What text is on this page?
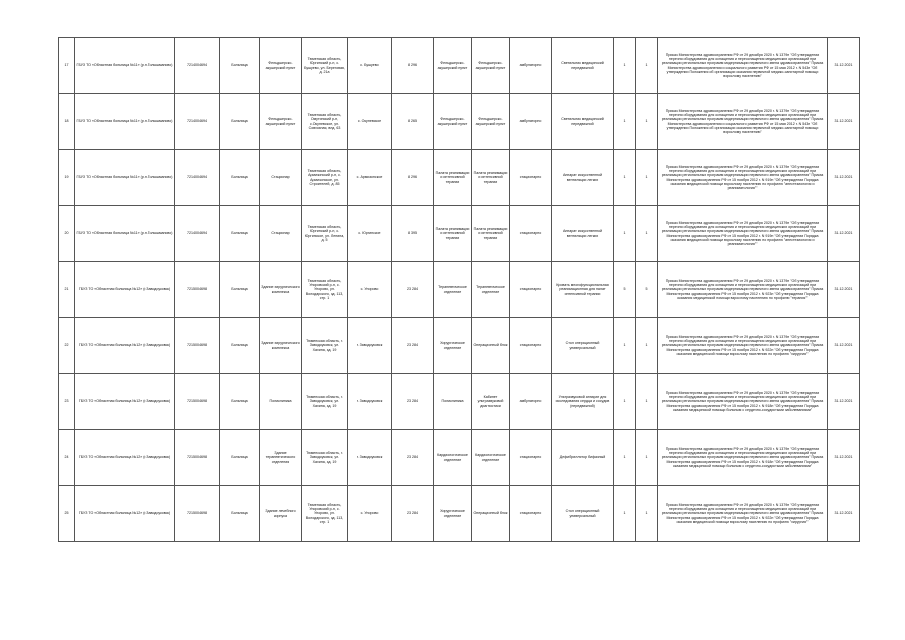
17	ГБУЗ ТО «Областная больница №11» (р.п.Голышманово)	7214004694	Больница	Фельдшерско-акушерский пункт	Тюменская область, Юргинский р-н, с. Бушуево, ул. Береговая, д. 21а	с. Бушуево	8 296	Фельдшерско-акушерский пункт	Фельдшерско-акушерский пункт	амбулаторно	Светильник медицинский передвижной	1	1	Приказ Министерства здравоохранения РФ от 29 декабря 2020 г. N 1379н "Об утверждении перечня оборудования для оснащения и переоснащения медицинских организаций при реализации региональных программ модернизации первичного звена здравоохранения" Приказ Министерства здравоохранения и социального развития РФ от 15 мая 2012 г. N 543н "Об утверждении Положения об организации оказания первичной медико-санитарной помощи взрослому населению"	31.12.2021
18	ГБУЗ ТО «Областная больница №11» (р.п.Голышманово)	7214004694	Больница	Фельдшерско-акушерский пункт	Тюменская область, Омутинский р-н, с.Окуневское, ул. Совхозная, влд. 63	с. Окуневское	8 265	Фельдшерско-акушерский пункт	Фельдшерско-акушерский пункт	амбулаторно	Светильник медицинский передвижной	1	1	Приказ Министерства здравоохранения РФ от 29 декабря 2020 г. N 1379н "Об утверждении перечня оборудования для оснащения и переоснащения медицинских организаций при реализации региональных программ модернизации первичного звена здравоохранения" Приказ Министерства здравоохранения и социального развития РФ от 15 мая 2012 г. N 543н "Об утверждении Положения об организации оказания первичной медико-санитарной помощи взрослому населению"	31.12.2021
19	ГБУЗ ТО «Областная больница №11» (р.п.Голышманово)	7214004694	Больница	Стационар	Тюменская область, Армизонский р-н, с. Армизонское, ул. Строителей, д. 85	с. Армизонское	8 296	Палата реанимации и интенсивной терапии	Палата реанимации и интенсивной терапии	стационарно	Аппарат искусственной вентиляции легких	1	1	Приказ Министерства здравоохранения РФ от 29 декабря 2020 г. N 1379н "Об утверждении перечня оборудования для оснащения и переоснащения медицинских организаций при реализации региональных программ модернизации первичного звена здравоохранения" Приказ Министерства здравоохранения РФ от 15 ноября 2012 г. N 919н "Об утверждении Порядка оказания медицинской помощи взрослому населению по профилю "анестезиология и реаниматология""	31.12.2021
20	ГБУЗ ТО «Областная больница №11» (р.п.Голышманово)	7214004694	Больница	Стационар	Тюменская область, Юргинский р-н, с. Юргинское, ул. Ленина, д. 5	с. Юргинское	8 395	Палата реанимации и интенсивной терапии	Палата реанимации и интенсивной терапии	стационарно	Аппарат искусственной вентиляции легких	1	1	Приказ Министерства здравоохранения РФ от 29 декабря 2020 г. N 1379н "Об утверждении перечня оборудования для оснащения и переоснащения медицинских организаций при реализации региональных программ модернизации первичного звена здравоохранения" Приказ Министерства здравоохранения РФ от 15 ноября 2012 г. N 919н "Об утверждении Порядка оказания медицинской помощи взрослому населению по профилю "анестезиология и реаниматология""	31.12.2021
21	ГБУЗ ТО «Областная больница №12» (г.Заводоуковск)	7215004698	Больница	Здание хирургического комплекса	Тюменская область, Упоровский р-н, с. Упорово, ул. Володарского, зд. 113, стр. 1	с. Упорово	23 284	Терапевтическое отделение	Терапевтическое отделение	стационарно	Кровать многофункциональная реанимационная для палат интенсивной терапии	5	5	Приказ Министерства здравоохранения РФ от 29 декабря 2020 г. N 1379н "Об утверждении перечня оборудования для оснащения и переоснащения медицинских организаций при реализации региональных программ модернизации первичного звена здравоохранения" Приказ Министерства здравоохранения РФ от 15 ноября 2012 г. N 923н "Об утверждении Порядка оказания медицинской помощи взрослому населению по профилю "терапия""	31.12.2021
22	ГБУЗ ТО «Областная больница №12» (г.Заводоуковск)	7215004698	Больница	Здание хирургического комплекса	Тюменская область, г. Заводоуковск, ул. Хахина, зд. 19	г. Заводоуковск	23 284	Хирургическое отделение	Операционный блок	стационарно	Стол операционный универсальный	1	1	Приказ Министерства здравоохранения РФ от 29 декабря 2020 г. N 1379н "Об утверждении перечня оборудования для оснащения и переоснащения медицинских организаций при реализации региональных программ модернизации первичного звена здравоохранения" Приказ Министерства здравоохранения РФ от 15 ноября 2012 г. N 922н "Об утверждении Порядка оказания медицинской помощи взрослому населению по профилю "хирургия""	31.12.2021
23	ГБУЗ ТО «Областная больница №12» (г.Заводоуковск)	7215004698	Больница	Поликлиника	Тюменская область, г. Заводоуковск, ул. Хахина, зд. 19	г. Заводоуковск	23 284	Поликлиника	Кабинет ультразвуковой диагностики	амбулаторно	Ультразвуковой аппарат для исследования сердца и сосудов (передвижной)	1	1	Приказ Министерства здравоохранения РФ от 29 декабря 2020 г. N 1379н "Об утверждении перечня оборудования для оснащения и переоснащения медицинских организаций при реализации региональных программ модернизации первичного звена здравоохранения" Приказ Министерства здравоохранения РФ от 15 ноября 2012 г. N 918н "Об утверждении Порядка оказания медицинской помощи больным с сердечно-сосудистыми заболеваниями"	31.12.2021
24	ГБУЗ ТО «Областная больница №12» (г.Заводоуковск)	7215004698	Больница	Здание терапевтического отделения	Тюменская область, г. Заводоуковск, ул. Хахина, зд. 19	г. Заводоуковск	23 284	Кардиологическое отделение	Кардиологическое отделение	стационарно	Дефибриллятор бифазный	1	1	Приказ Министерства здравоохранения РФ от 29 декабря 2020 г. N 1379н "Об утверждении перечня оборудования для оснащения и переоснащения медицинских организаций при реализации региональных программ модернизации первичного звена здравоохранения" Приказ Министерства здравоохранения РФ от 15 ноября 2012 г. N 918н "Об утверждении Порядка оказания медицинской помощи больным с сердечно-сосудистыми заболеваниями"	31.12.2021
25	ГБУЗ ТО «Областная больница №12» (г.Заводоуковск)	7215004698	Больница	Здание лечебного корпуса	Тюменская область, Упоровский р-н, с. Упорово, ул. Володарского, зд. 113, стр. 1	с. Упорово	23 284	Хирургическое отделение	Операционный блок	стационарно	Стол операционный универсальный	1	1	Приказ Министерства здравоохранения РФ от 29 декабря 2020 г. N 1379н "Об утверждении перечня оборудования для оснащения и переоснащения медицинских организаций при реализации региональных программ модернизации первичного звена здравоохранения" Приказ Министерства здравоохранения РФ от 15 ноября 2012 г. N 922н "Об утверждении Порядка оказания медицинской помощи взрослому населению по профилю "хирургия""	31.12.2021
